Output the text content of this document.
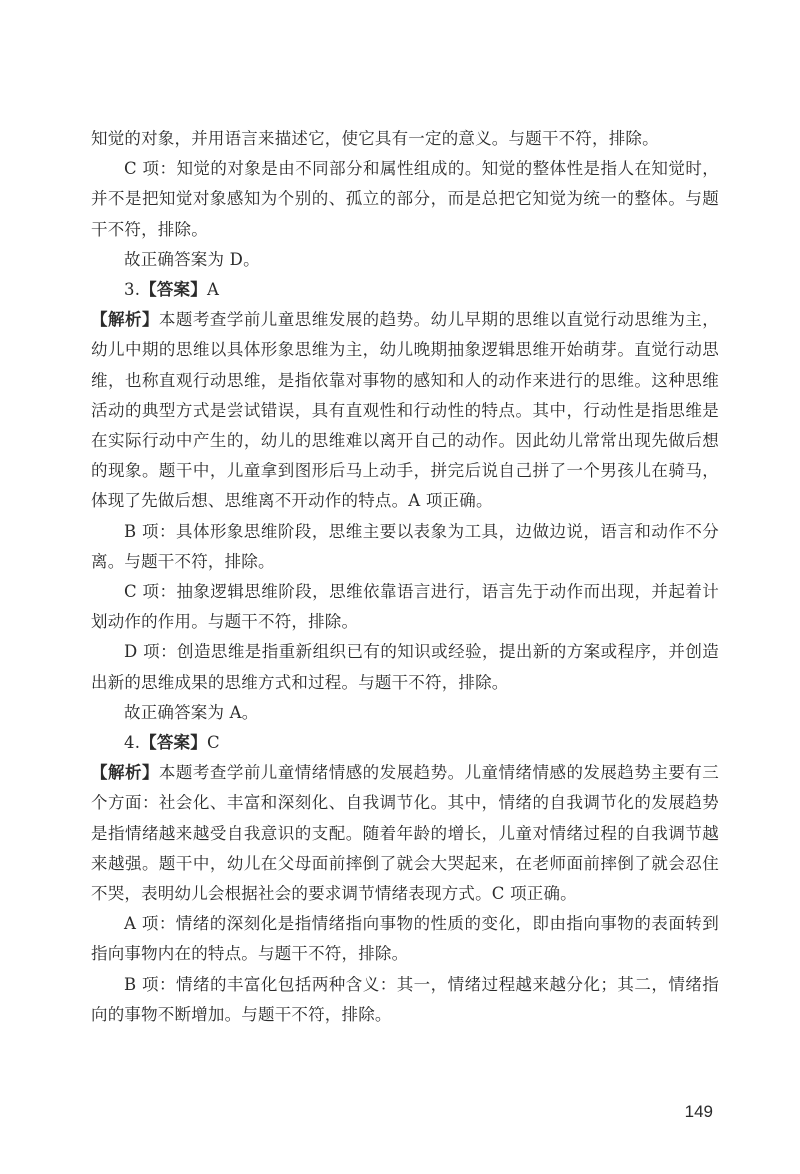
知觉的对象，并用语言来描述它，使它具有一定的意义。与题干不符，排除。

C 项：知觉的对象是由不同部分和属性组成的。知觉的整体性是指人在知觉时，并不是把知觉对象感知为个别的、孤立的部分，而是总把它知觉为统一的整体。与题干不符，排除。

故正确答案为 D。

3.【答案】A

【解析】本题考查学前儿童思维发展的趋势。幼儿早期的思维以直觉行动思维为主，幼儿中期的思维以具体形象思维为主，幼儿晚期抽象逻辑思维开始萌芽。直觉行动思维，也称直观行动思维，是指依靠对事物的感知和人的动作来进行的思维。这种思维活动的典型方式是尝试错误，具有直观性和行动性的特点。其中，行动性是指思维是在实际行动中产生的，幼儿的思维难以离开自己的动作。因此幼儿常常出现先做后想的现象。题干中，儿童拿到图形后马上动手，拼完后说自己拼了一个男孩儿在骑马，体现了先做后想、思维离不开动作的特点。A 项正确。

B 项：具体形象思维阶段，思维主要以表象为工具，边做边说，语言和动作不分离。与题干不符，排除。

C 项：抽象逻辑思维阶段，思维依靠语言进行，语言先于动作而出现，并起着计划动作的作用。与题干不符，排除。

D 项：创造思维是指重新组织已有的知识或经验，提出新的方案或程序，并创造出新的思维成果的思维方式和过程。与题干不符，排除。

故正确答案为 A。

4.【答案】C

【解析】本题考查学前儿童情绪情感的发展趋势。儿童情绪情感的发展趋势主要有三个方面：社会化、丰富和深刻化、自我调节化。其中，情绪的自我调节化的发展趋势是指情绪越来越受自我意识的支配。随着年龄的增长，儿童对情绪过程的自我调节越来越强。题干中，幼儿在父母面前摔倒了就会大哭起来，在老师面前摔倒了就会忍住不哭，表明幼儿会根据社会的要求调节情绪表现方式。C 项正确。

A 项：情绪的深刻化是指情绪指向事物的性质的变化，即由指向事物的表面转到指向事物内在的特点。与题干不符，排除。

B 项：情绪的丰富化包括两种含义：其一，情绪过程越来越分化；其二，情绪指向的事物不断增加。与题干不符，排除。

149
